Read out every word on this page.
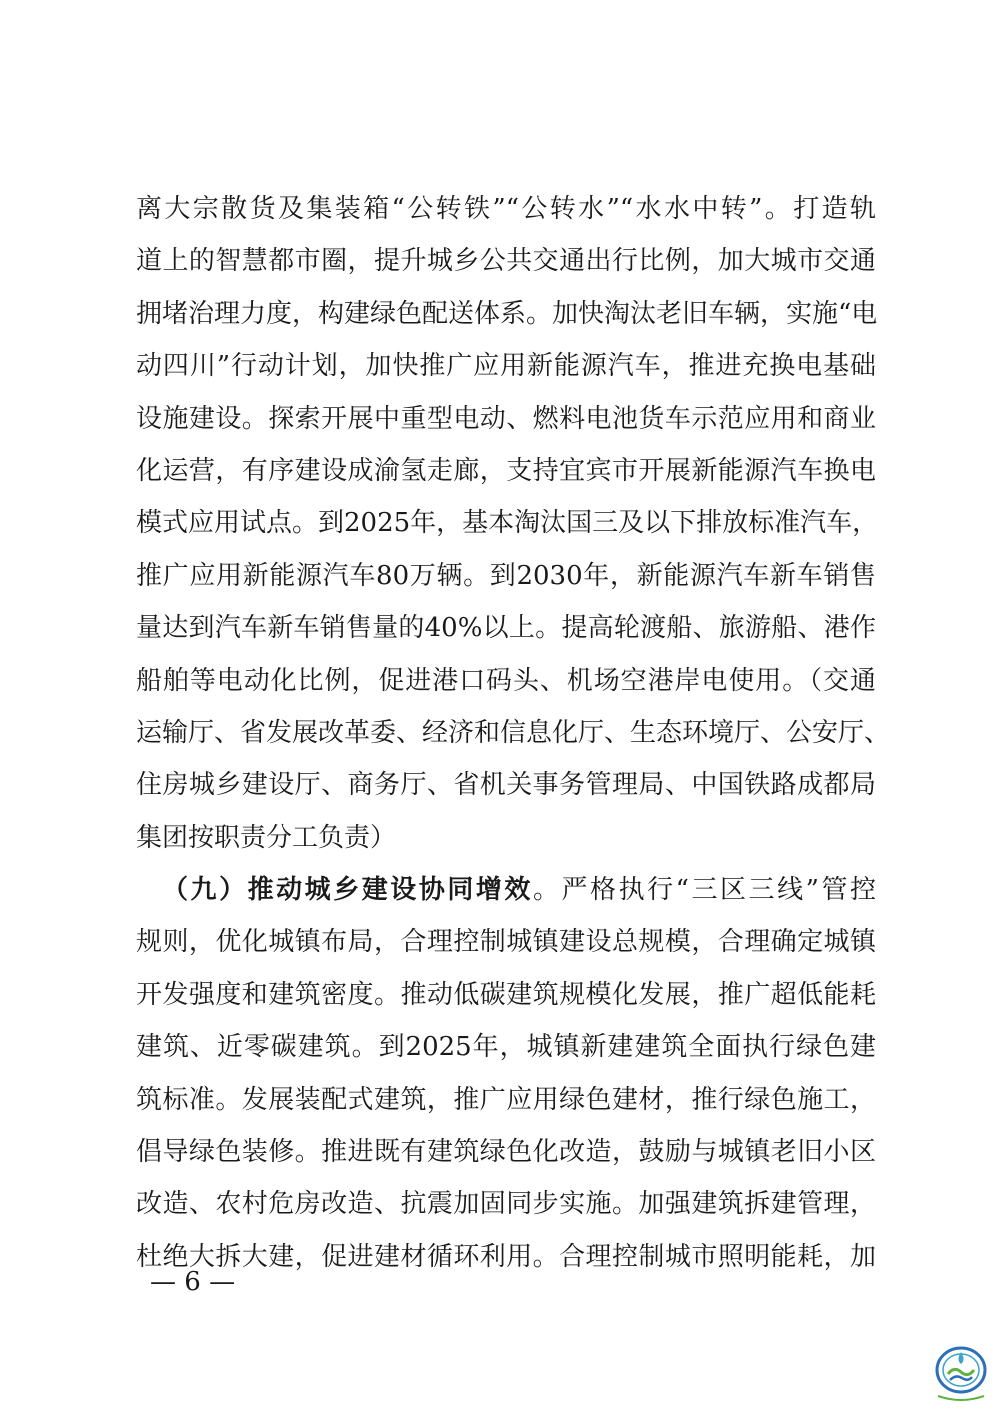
离大宗散货及集装箱“公转铁”“公转水”“水水中转”。打造轨
道上的智慧都市圈，提升城乡公共交通出行比例，加大城市交通
拥堵治理力度，构建绿色配送体系。加快淘汰老旧车辆，实施“电
动四川”行动计划，加快推广应用新能源汽车，推进充换电基础
设施建设。探索开展中重型电动、燃料电池货车示范应用和商业
化运营，有序建设成渝氢走廊，支持宜宾市开展新能源汽车换电
模式应用试点。到2025年，基本淘汰国三及以下排放标准汽车，
推广应用新能源汽车80万辆。到2030年，新能源汽车新车销售
量达到汽车新车销售量的40%以上。提高轮渡船、旅游船、港作
船舶等电动化比例，促进港口码头、机场空港岸电使用。（交通
运输厅、省发展改革委、经济和信息化厅、生态环境厅、公安厅、
住房城乡建设厅、商务厅、省机关事务管理局、中国铁路成都局
集团按职责分工负责）
（九）推动城乡建设协同增效。严格执行“三区三线”管控
规则，优化城镇布局，合理控制城镇建设总规模，合理确定城镇
开发强度和建筑密度。推动低碳建筑规模化发展，推广超低能耗
建筑、近零碳建筑。到2025年，城镇新建建筑全面执行绿色建
筑标准。发展装配式建筑，推广应用绿色建材，推行绿色施工，
倡导绿色装修。推进既有建筑绿色化改造，鼓励与城镇老旧小区
改造、农村危房改造、抗震加固同步实施。加强建筑拆建管理，
杜绝大拆大建，促进建材循环利用。合理控制城市照明能耗，加
— 6 —
